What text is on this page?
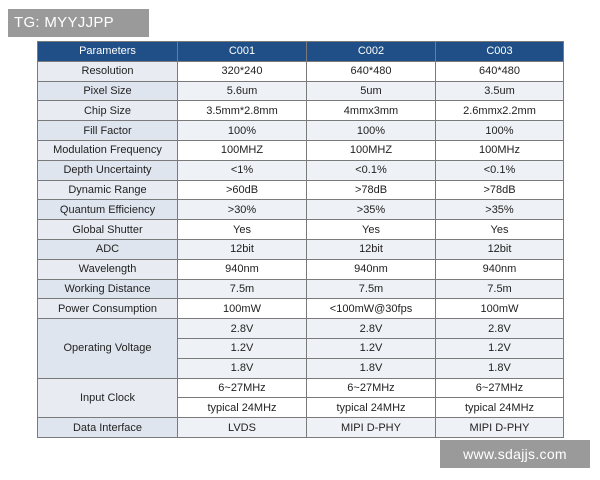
TG: MYYJJPP
Parameters	C001	C002	C003
Resolution	320*240	640*480	640*480
Pixel Size	5.6um	5um	3.5um
Chip Size	3.5mm*2.8mm	4mmx3mm	2.6mmx2.2mm
Fill Factor	100%	100%	100%
Modulation Frequency	100MHZ	100MHZ	100MHz
Depth Uncertainty	<1%	<0.1%	<0.1%
Dynamic Range	>60dB	>78dB	>78dB
Quantum Efficiency	>30%	>35%	>35%
Global Shutter	Yes	Yes	Yes
ADC	12bit	12bit	12bit
Wavelength	940nm	940nm	940nm
Working Distance	7.5m	7.5m	7.5m
Power Consumption	100mW	<100mW@30fps	100mW
Operating Voltage	2.8V	2.8V	2.8V
	1.2V	1.2V	1.2V
	1.8V	1.8V	1.8V
Input Clock	6~27MHz	6~27MHz	6~27MHz
	typical 24MHz	typical 24MHz	typical 24MHz
Data Interface	LVDS	MIPI D-PHY	MIPI D-PHY
www.sdajjs.com
